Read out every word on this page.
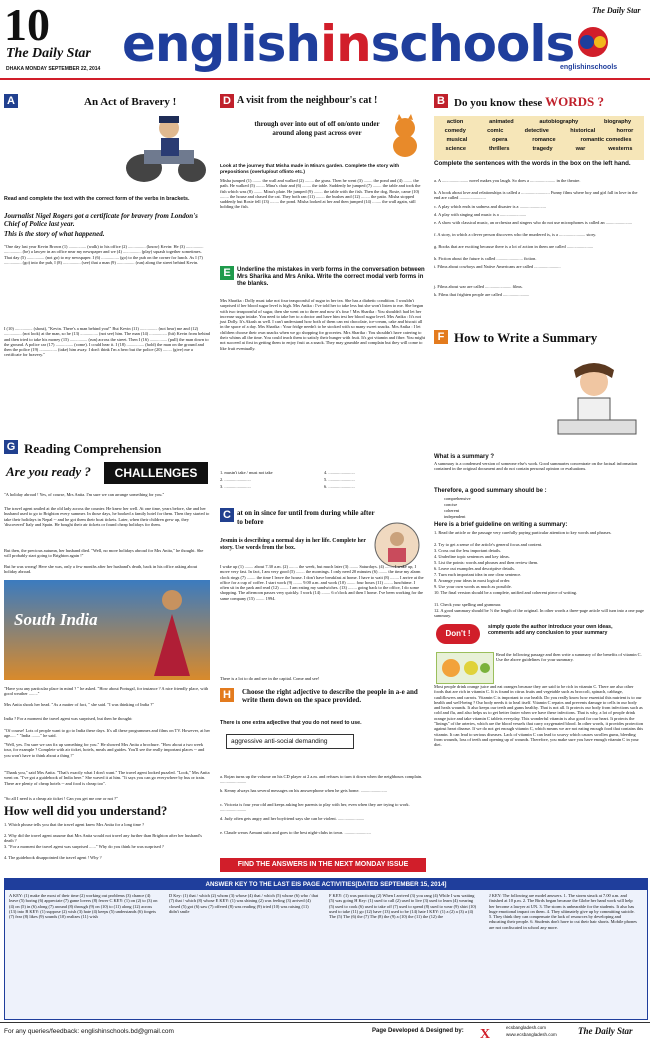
10
The Daily Star
DHAKA MONDAY SEPTEMBER 22, 2014 englishinschools
englishinschools
The Daily Star
A	An Act of Bravery !
Read and complete the text with the correct form of the verbs in brackets.
Journalist Nigel Rogers got a certificate for bravery from London's Chief of Police last year.
This is the story of what happened.
"One day last year Kevin Brown (1) ................ (walk) to his office (2) ................ (know) Kevin: He (3) ................ ................ (be) a lawyer in an office near my newspaper and we (4) ................ (play) squash together sometimes. That day (5) ................ (not go) to my newspaper. I (6) ................ (go) to the pub on the corner for lunch. As I (7) ................ (go) into the pub, I (8) ................ (see) that a man (9) ................ (run) along the street behind Kevin.
I (10) ................ (shout), "Kevin. There's a man behind you!" But Kevin (11) ................ (not hear) me and (12) ................ (not look) at the man, so he (13) ................ (not see) him. The man (14) ................ (hit) Kevin from behind and then tried to take his money (15) ................ (run) across the street. Then I (16) ................ (pull) the man down to the ground. A police car (17) ................ (come). I could hear it. I (18) ................ (hold) the man on the ground and then the police (19) ................ (take) him away. I don't think I'm a hero but the police (20) ........ (give) me a certificate for bravery."
G Reading Comprehension
Are you ready ?	CHALLENGES
"A holiday abroad ! Yes, of course, Mrs Anita. I'm sure we can arrange something for you."
The travel agent smiled at the old lady across the counter. He knew her well. At one time, years before, she and her husband used to go to Brighton every summer. In those days, he booked a family hotel for them. Then they started to take their holidays in Nepal -- and he got them their boat tickets. Later, when their children grew up, they 'discovered' Italy and Spain. He bought their air tickets or found cheap holidays for them.
But then, the precious autumn, her husband died. "Well, no more holidays abroad for Mrs Anita," he thought. She will probably start going to Brighton again !"
But he was wrong! Here she was, only a few months after her husband's death, back in his office asking about holiday abroad.
South India
"Have you any particular place in mind ? " he asked. "How about Portugal, for instance ? A nice friendly place, with good weather ........"
Mrs Anita shook her head. "As a matter of fact, " she said. "I was thinking of India ?"
India ? For a moment the travel agent was surprised, but then he thought:
"Of course! Lots of people want to go to India these days. It's all these programmes and films on TV. However, at her age..... " "India ........" he said.
"Well, yes. I'm sure we can fix up something for you." He showed Mrs Anita a brochure. "How about a two week tour, for example ? Complete with air ticket, hotels, meals and guides. You'll see the really important places -- and you won't have to think about a thing !"
"Thank you," said Mrs Anita. "That's exactly what I don't want." The travel agent looked puzzled. "Look," Mrs Anita went on. "I've got a guidebook of India here." She waved it at him. "It says you can go everywhere by bus or train. There are plenty of cheap hotels -- and food is cheap too".
"So all I need is a cheap air ticket ! Can you get me one or not ?"
How well did you understand?
1. Which phrase tells you that the travel agent knew Mrs Anita for a long time ?
2. Why did the travel agent assume that Mrs Anita would not travel any further than Brighton after her husband's death ?
3. "For a moment the travel agent was surprised ......" Why do you think he was surprised ?
4. The guidebook disappointed the travel agent ! Why ?
D A visit from the neighbour's cat !
through over into out of off on/onto under around along past across over
Look at the journey that Misha made in Mina's garden. Complete the story with prepositions (over/up/out of/into etc.)
Misha jumped (1) ........ the wall and walked (2) ........ the grass. Then he went (3) ........ the pond and (4) ........ the path. He walked (5) ........ Mina's chair and (6) ........ the table. Suddenly he jumped (7) ........ the table and took the fish which was (8) ........ Mina's plate. He jumped (9) ........ the table with the fish. Then the dog, Rosie, came (10) ........ the house and chased the cat. They both ran (11) ........ the bushes and (12) ........ the patio. Misha stopped suddenly but Rosie fell (13) ........ the pond. Misha looked at her and then jumped (14) ........ the wall again, still holding the fish.
E	Underline the mistakes in verb forms in the conversation between Mrs Sharika and Mrs Anika. Write the correct modal verb forms in the blanks.
Mrs Sharika : Dolly must take not four teaspoonful of sugar in her tea. She has a diabetic condition. I wouldn't surprised if her blood sugar level is high. Mrs Anika : I've told her to take less but she won't listen to me. She began with two teaspoonful of sugar, then she went on to three and now it's four ! Mrs Sharika : You shouldn't had let her increase sugar intake. You need to take her to a doctor and have him test her blood sugar level. Mrs Anika : It's not just Dolly. It's Akash as well. I can't understand how both of them can eat chocolate, ice-cream, cake and biscuit all in the space of a day. Mrs Sharika : Your fridge needn't to be stocked with so many sweet snacks. Mrs Anika : I let children choose their own snacks when we go shopping for groceries. Mrs Sharika : You shouldn't have catering to their whims all the time. You could teach them to satisfy their hunger with fruit. It's got vitamin and fibre. You might not succeed at first in getting them to enjoy fruit as a snack. They may grumble and complain but they will come to like fruit eventually.
1. mustn't take / must not take
2. ........................
3. ........................
4. ........................
5. ........................
6. ........................
C at on in since for until from during while after to before
Jesmin is describing a normal day in her life. Complete her story. Use words from the box.
I wake up (1) ........ about 7.30 a.m. (2) ........ the week, but much later (3) ........ Saturdays. (4) ........ I wake up, I move very fast. In fact, I am very good (5) ........ the mornings. I only need 20 minutes (6) ........ the time my alarm clock rings (7) ........ the time I leave the house. I don't have breakfast at home. I have to wait (8) ........ I arrive at the office for a cup of coffee. I start work (9) ........ 9.00 a.m. and work (10) ........ four hours (11) ........ lunchtime. I often sit in the park and read (12) ........ I am eating my sandwiches. (13) ........ going back to the office, I do some shopping. The afternoon passes very quickly. I work (14) ........ 6 o'clock and then I home. I've been working for the same company (15) ........ 1994.
There is a lot to do and see in the capital. Come and see!
H	Choose the right adjective to describe the people in a-e and write them down on the space provided.
There is one extra adjective that you do not need to use.
aggressive anti-social demanding
a. Rojan turns up the volume on his CD player at 2 a.m. and refuses to turn it down when the neighbours complain. ........................
b. Kenny always has several messages on his answerphone when he gets home. ........................
c. Victoria is four year old and keeps asking her parents to play with her, even when they are trying to work. ........................
d. Judy often gets angry and her boyfriend says she can be violent. ........................
e. Claude wears Armani suits and goes to the best night-clubs in town. ........................
B Do you know these WORDS ?
action	animated	autobiography	biography
comedy	comic	detective	historical	horror
musical	opera	romance	romantic comedies
science	thrillers	tragedy	war	westerns
Complete the sentences with the words in the box on the left hand.
a. A ........................ novel makes you laugh. So does a ....................... in the theatre.
b. A book about love and relationships is called a .......................... Funny films where boy and girl fall in love in the end are called ........................
c. A play which ends in sadness and disaster is a ........................
d. A play with singing and music is a ........................
e. A show with classical music, an orchestra and singers who do not use microphones is called an ........................
f. A story, in which a clever person discovers who the murdered is, is a ........................ story.
g. Books that are exciting because there is a lot of action in them are called ........................
h. Fiction about the future is called ........................ fiction.
i. Films about cowboys and Native Americans are called ........................
j. Films about war are called ........................ films.
k. Films that frighten people are called ........................
F How to Write a Summary
What is a summary ?
A summary is a condensed version of someone else's work. Good summaries concentrate on the factual information contained in the original document and do not contain personal opinion or evaluations.
Therefore, a good summary should be :
comprehensive
concise
coherent
independent
Here is a brief guideline on writing a summary:
1. Read the article or the passage very carefully paying particular attention to key words and phrases.
2. Try to get a sense of the article's general focus and content.
3. Cross out the less important details.
4. Underline topic sentences and key ideas.
5. List the points: words and phrases and then review them.
6. Leave out examples and descriptive details.
7. Turn each important idea in one clear sentence.
8. Arrange your ideas in most logical order.
9. Use your own words as much as possible.
10. The final version should be a complete, unified and coherent piece of writing.
11. Check your spelling and grammar.
12. A good summary should be ⅓ the length of the original. In other words a three-page article will turn into a one page summary.
Don't !
simply quote the author introduce your own ideas, comments add any conclusion to your summary
Read the following passage and then write a summary of the benefits of vitamin C. Use the above guidelines for your summary.
Most people drink orange juice and eat oranges because they are said to be rich in vitamin C. There are also other foods that are rich in vitamin C. It is found in citrus fruits and vegetable such as broccoli, spinach, cabbage, cauliflowers and carrots. Vitamin C is important to our health. Do you really know how essential this nutrient is to our health and well-being ? Our body needs it to heal itself. Vitamin C repairs and prevents damage to cells in our body and heals wounds. It also keeps our teeth and gums healthy. That is not all. It protects our body from infections such as cold and flu, and also helps us to get better faster when we have these infections. That is why, a lot of people drink orange juice and take vitamin C tablets everyday. This wonderful vitamin is also good for our heart. It protects the "linings" of the arteries, which are the blood vessels that carry oxygenated blood. In other words, it provides protection against heart disease. If we do not get enough vitamin C, which means we are not eating enough food that contains this vitamin. It can lead to serious diseases. Lack of vitamin C can lead to scurvy which causes swollen gums, bleeding from wounds, loss of teeth and opening up of wounds. Therefore, you make sure you have enough vitamin C in your diet.
FIND THE ANSWERS IN THE NEXT MONDAY ISSUE
ANSWER KEY TO THE LAST EIS PAGE ACTIVITIES[DATED SEPTEMBER 15, 2014]
A KEY: (1) make the most of their time (2) working out problems (3) chance (4) leave (5) boring (6) appreciate (7) game lovers (8) fewer C KEY: (1) on (2) to (3) on (4) on (5) in (6) along (7) around (8) through (9) on (10) to (11) along (12) across (13) into B KEY: (1) suppose (2) wish (3) hate (4) keeps (5) understands (6) forgets (7) fear (8) likes (9) sounds (10) realizes (11) wish
D Key: (1) that / which (2) whom (3) whose (4) that / which (5) whose (6) who / that (7) that / which (8) whose E KEY: (1) was shining (2) was feeling (3) arrived (4) closed (5) got (6) saw (7) offered (8) was reading (9) tried (10) was raising (11) didn't smile
F KEY: (1) was practicing (2) When I arrived (3) you rang (4) While I was waiting (5) was going H Key: (1) used to call (2) used to live (3) used to learn (4) wearing (5) used to cook (6) used to take off (7) used to spend (8) used to wear (9) shirt (10) used to take (11) go (12) have (13) used to be (14) hate I KEY: (1) a (2) a (3) a (4) The (5) The (6) the (7) The (8) the (9) a (10) the (11) the (12) the
J KEY: The following are model answers. 1. The storm struck at 7.00 a.m. and finished at 10 p.m. 2. The Birds began because the Globe her hand work will help her become a lawyer at UN. 3. The storm is unbearable for the students. It also has huge emotional impact on them. 4. They ultimately give up by committing suicide. 5. They think they can compensate the lack of resources by developing and educating their people. 6. Students don't have to cut their hair shorts. Mobile phones are not confiscated in school any more.
For any queries/feedback: englishinschools.bd@gmail.com	Page Developed & Designed by: X	ecsbangladesh.com
www.ecsbangladesh.com The Daily Star
